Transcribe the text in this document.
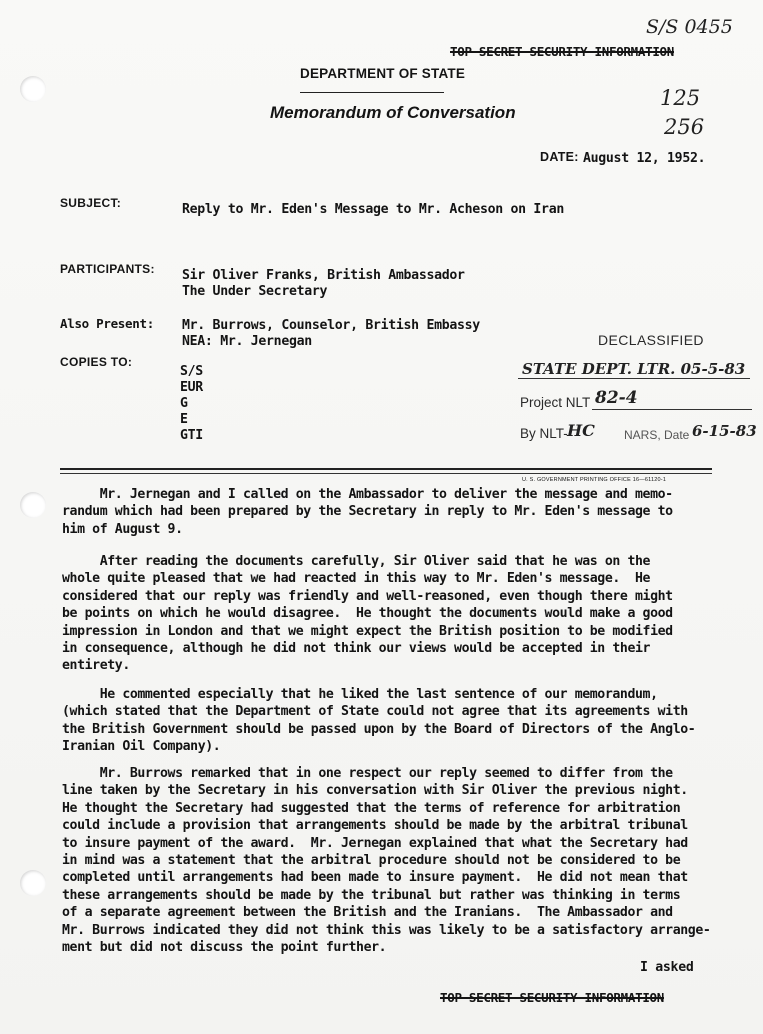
S/S 0455
125
256
TOP SECRET SECURITY INFORMATION
DEPARTMENT OF STATE
Memorandum of Conversation
DATE: August 12, 1952.
SUBJECT:	Reply to Mr. Eden's Message to Mr. Acheson on Iran
PARTICIPANTS: Sir Oliver Franks, British Ambassador
The Under Secretary
Also Present: Mr. Burrows, Counselor, British Embassy
NEA: Mr. Jernegan
COPIES TO:
S/S
EUR
G
E
GTI
DECLASSIFIED
STATE DEPT. LTR. 05-5-83
Project NLT 82-4
By NLT- HC NARS, Date 6-15-83
U. S. GOVERNMENT PRINTING OFFICE 16—61120-1
Mr. Jernegan and I called on the Ambassador to deliver the message and memo-
randum which had been prepared by the Secretary in reply to Mr. Eden's message to
him of August 9.
After reading the documents carefully, Sir Oliver said that he was on the
whole quite pleased that we had reacted in this way to Mr. Eden's message.  He
considered that our reply was friendly and well-reasoned, even though there might
be points on which he would disagree.  He thought the documents would make a good
impression in London and that we might expect the British position to be modified
in consequence, although he did not think our views would be accepted in their
entirety.
He commented especially that he liked the last sentence of our memorandum,
(which stated that the Department of State could not agree that its agreements with
the British Government should be passed upon by the Board of Directors of the Anglo-
Iranian Oil Company).
Mr. Burrows remarked that in one respect our reply seemed to differ from the
line taken by the Secretary in his conversation with Sir Oliver the previous night.
He thought the Secretary had suggested that the terms of reference for arbitration
could include a provision that arrangements should be made by the arbitral tribunal
to insure payment of the award.  Mr. Jernegan explained that what the Secretary had
in mind was a statement that the arbitral procedure should not be considered to be
completed until arrangements had been made to insure payment.  He did not mean that
these arrangements should be made by the tribunal but rather was thinking in terms
of a separate agreement between the British and the Iranians.  The Ambassador and
Mr. Burrows indicated they did not think this was likely to be a satisfactory arrange-
ment but did not discuss the point further.
I asked
TOP SECRET SECURITY INFORMATION
